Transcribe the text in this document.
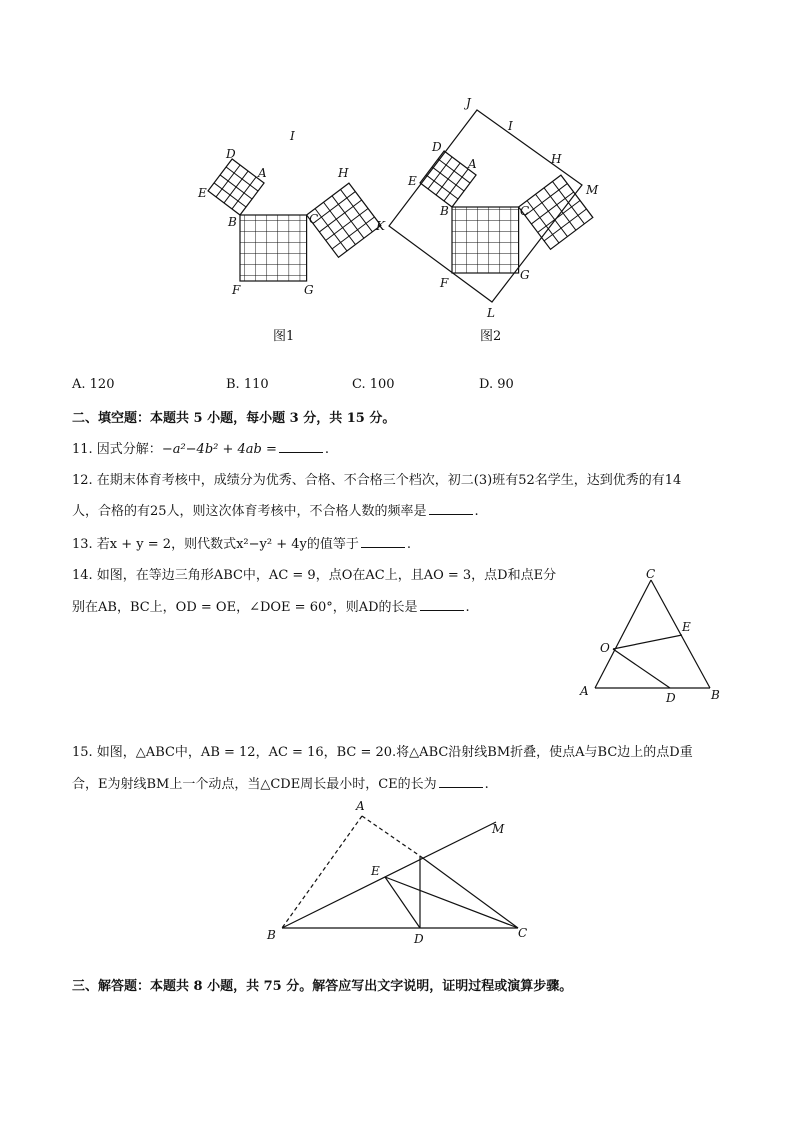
D
A
I
H
E
B	C
F	G
图1
J
I
D
A	H
E
M
B	C
K
F
G
L
图2
A. 120	B. 110	C. 100	D. 90
二、填空题：本题共 5 小题，每小题 3 分，共 15 分。
11. 因式分解：−a²−4b² + 4ab =	.
12. 在期末体育考核中，成绩分为优秀、合格、不合格三个档次，初二(3)班有52名学生，达到优秀的有14
人，合格的有25人，则这次体育考核中，不合格人数的频率是	.
13. 若x + y = 2，则代数式x²−y² + 4y的值等于	.
14. 如图，在等边三角形ABC中，AC = 9，点O在AC上，且AO = 3，点D和点E分
别在AB，BC上，OD = OE，∠DOE = 60°，则AD的长是	.
C
E
O
A	D	B
15. 如图，△ABC中，AB = 12，AC = 16，BC = 20.将△ABC沿射线BM折叠，使点A与BC边上的点D重
合，E为射线BM上一个动点，当△CDE周长最小时，CE的长为	.
A
M
E
B	D	C
三、解答题：本题共 8 小题，共 75 分。解答应写出文字说明，证明过程或演算步骤。
